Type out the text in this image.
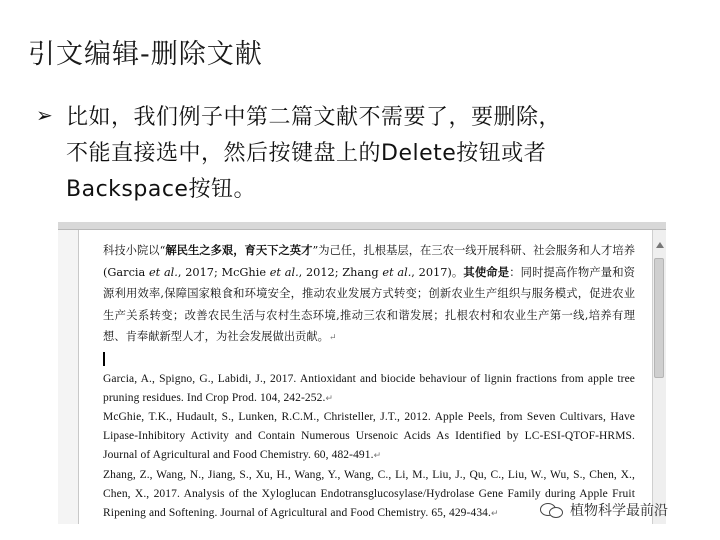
引文编辑-删除文献
➢ 比如，我们例子中第二篇文献不需要了，要删除，
不能直接选中，然后按键盘上的Delete按钮或者
Backspace按钮。

科技小院以“解民生之多艰，育天下之英才”为己任，扎根基层，在三农一线开展科研、社会服务和人才培养(Garcia et al., 2017; McGhie et al., 2012; Zhang et al., 2017)。其使命是：同时提高作物产量和资源利用效率,保障国家粮食和环境安全，推动农业发展方式转变；创新农业生产组织与服务模式，促进农业生产关系转变；改善农民生活与农村生态环境,推动三农和谐发展；扎根农村和农业生产第一线,培养有理想、肯奉献新型人才，为社会发展做出贡献。↵

Garcia, A., Spigno, G., Labidi, J., 2017. Antioxidant and biocide behaviour of lignin fractions from apple tree pruning residues. Ind Crop Prod. 104, 242-252.↵

McGhie, T.K., Hudault, S., Lunken, R.C.M., Christeller, J.T., 2012. Apple Peels, from Seven Cultivars, Have Lipase-Inhibitory Activity and Contain Numerous Ursenoic Acids As Identified by LC-ESI-QTOF-HRMS. Journal of Agricultural and Food Chemistry. 60, 482-491.↵

Zhang, Z., Wang, N., Jiang, S., Xu, H., Wang, Y., Wang, C., Li, M., Liu, J., Qu, C., Liu, W., Wu, S., Chen, X., Chen, X., 2017. Analysis of the Xyloglucan Endotransglucosylase/Hydrolase Gene Family during Apple Fruit Ripening and Softening. Journal of Agricultural and Food Chemistry. 65, 429-434.↵	植物科学最前沿
